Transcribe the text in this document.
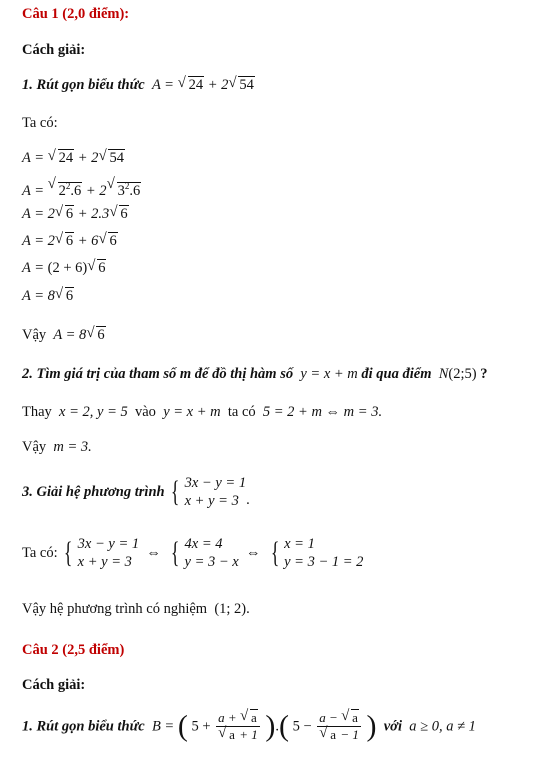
Câu 1 (2,0 điểm):
Cách giải:
1. Rút gọn biểu thức  A = √ 24 + 2√ 54
Ta có:
A = √ 24 + 2√ 54
A = √ $2^2.6 + 2√$ $3^2.6$
A = 2√ 6 + 2.3√ 6
A = 2√ 6 + 6√ 6
A = (2 + 6)√ 6
A = 8√ 6
Vậy  A = 8√ 6
2. Tìm giá trị của tham số m để đồ thị hàm số  y = x + m đi qua điểm  N(2;5) ?
Thay  x = 2, y = 5  vào  y = x + m  ta có  5 = 2 + m ⇔ m = 3.
Vậy  m = 3.
3. Giải hệ phương trình { 3x − y = 1
x + y = 3 .
Ta có: { 3x − y = 1
x + y = 3
⇔ { 4x = 4
y = 3 − x
⇔ { x = 1
y = 3 − 1 = 2
Vậy hệ phương trình có nghiệm  (1; 2).
Câu 2 (2,5 điểm)
Cách giải:
1. Rút gọn biểu thức  B = ( 5 + a + √ a
√ a + 1 ).( 5 − a − √ a
√ a − 1 ) với  a ≥ 0, a ≠ 1
